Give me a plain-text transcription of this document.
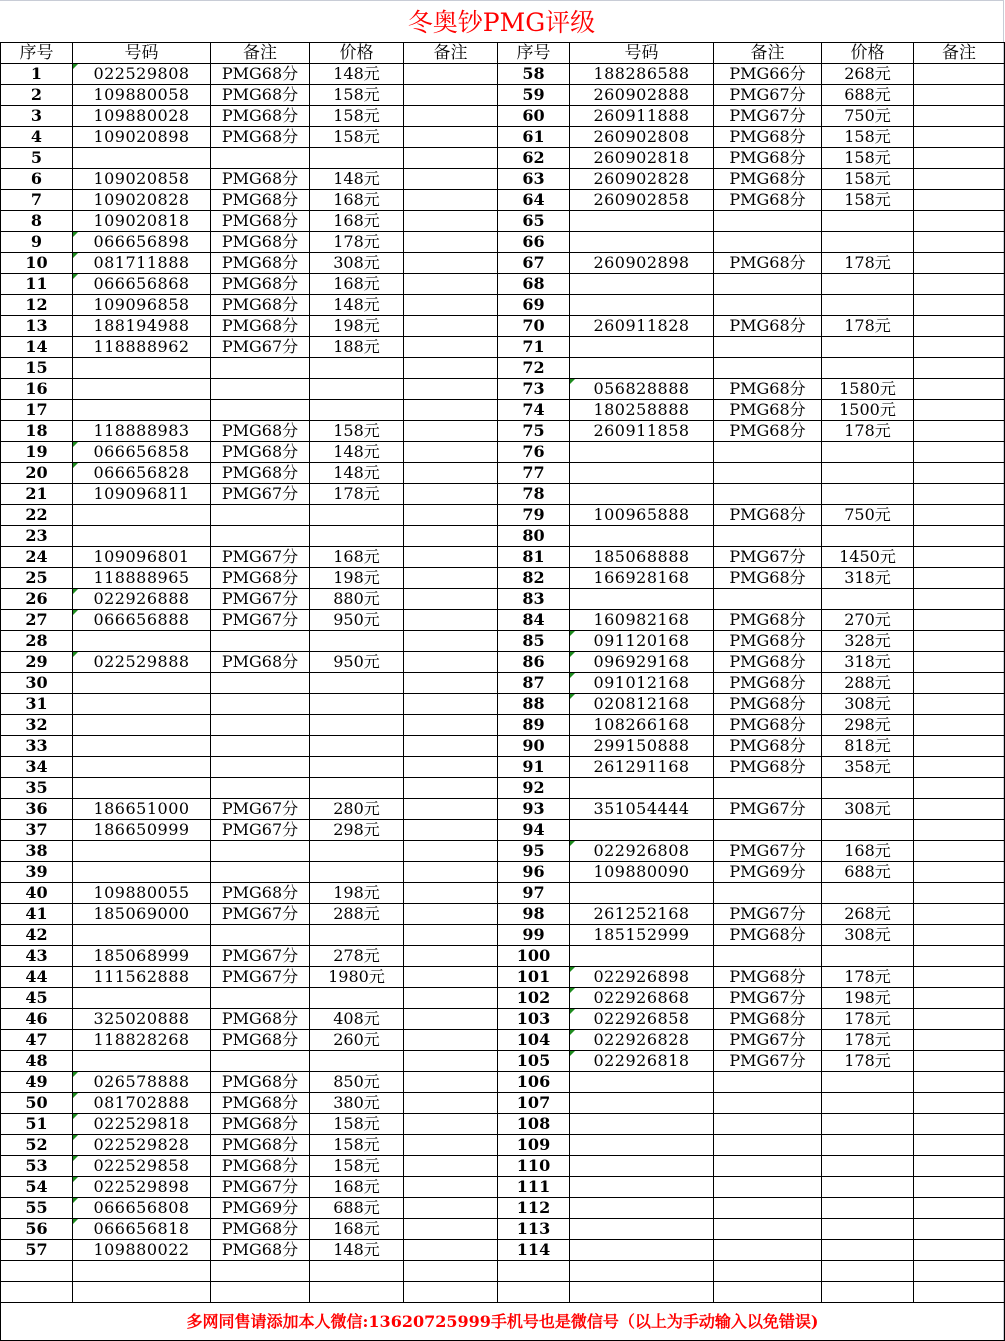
冬奥钞PMG评级
序号	号码	备注	价格	备注	序号	号码	备注	价格	备注
1	022529808	PMG68分	148元		58	188286588	PMG66分	268元	
2	109880058	PMG68分	158元		59	260902888	PMG67分	688元	
3	109880028	PMG68分	158元		60	260911888	PMG67分	750元	
4	109020898	PMG68分	158元		61	260902808	PMG68分	158元	
5					62	260902818	PMG68分	158元	
6	109020858	PMG68分	148元		63	260902828	PMG68分	158元	
7	109020828	PMG68分	168元		64	260902858	PMG68分	158元	
8	109020818	PMG68分	168元		65				
9	066656898	PMG68分	178元		66				
10	081711888	PMG68分	308元		67	260902898	PMG68分	178元	
11	066656868	PMG68分	168元		68				
12	109096858	PMG68分	148元		69				
13	188194988	PMG68分	198元		70	260911828	PMG68分	178元	
14	118888962	PMG67分	188元		71				
15					72				
16					73	056828888	PMG68分	1580元	
17					74	180258888	PMG68分	1500元	
18	118888983	PMG68分	158元		75	260911858	PMG68分	178元	
19	066656858	PMG68分	148元		76				
20	066656828	PMG68分	148元		77				
21	109096811	PMG67分	178元		78				
22					79	100965888	PMG68分	750元	
23					80				
24	109096801	PMG67分	168元		81	185068888	PMG67分	1450元	
25	118888965	PMG68分	198元		82	166928168	PMG68分	318元	
26	022926888	PMG67分	880元		83				
27	066656888	PMG67分	950元		84	160982168	PMG68分	270元	
28					85	091120168	PMG68分	328元	
29	022529888	PMG68分	950元		86	096929168	PMG68分	318元	
30					87	091012168	PMG68分	288元	
31					88	020812168	PMG68分	308元	
32					89	108266168	PMG68分	298元	
33					90	299150888	PMG68分	818元	
34					91	261291168	PMG68分	358元	
35					92				
36	186651000	PMG67分	280元		93	351054444	PMG67分	308元	
37	186650999	PMG67分	298元		94				
38					95	022926808	PMG67分	168元	
39					96	109880090	PMG69分	688元	
40	109880055	PMG68分	198元		97				
41	185069000	PMG67分	288元		98	261252168	PMG67分	268元	
42					99	185152999	PMG68分	308元	
43	185068999	PMG67分	278元		100				
44	111562888	PMG67分	1980元		101	022926898	PMG68分	178元	
45					102	022926868	PMG67分	198元	
46	325020888	PMG68分	408元		103	022926858	PMG68分	178元	
47	118828268	PMG68分	260元		104	022926828	PMG67分	178元	
48					105	022926818	PMG67分	178元	
49	026578888	PMG68分	850元		106				
50	081702888	PMG68分	380元		107				
51	022529818	PMG68分	158元		108				
52	022529828	PMG68分	158元		109				
53	022529858	PMG68分	158元		110				
54	022529898	PMG67分	168元		111				
55	066656808	PMG69分	688元		112				
56	066656818	PMG68分	168元		113				
57	109880022	PMG68分	148元		114				

多网同售请添加本人微信:13620725999手机号也是微信号（以上为手动输入以免错误)									
